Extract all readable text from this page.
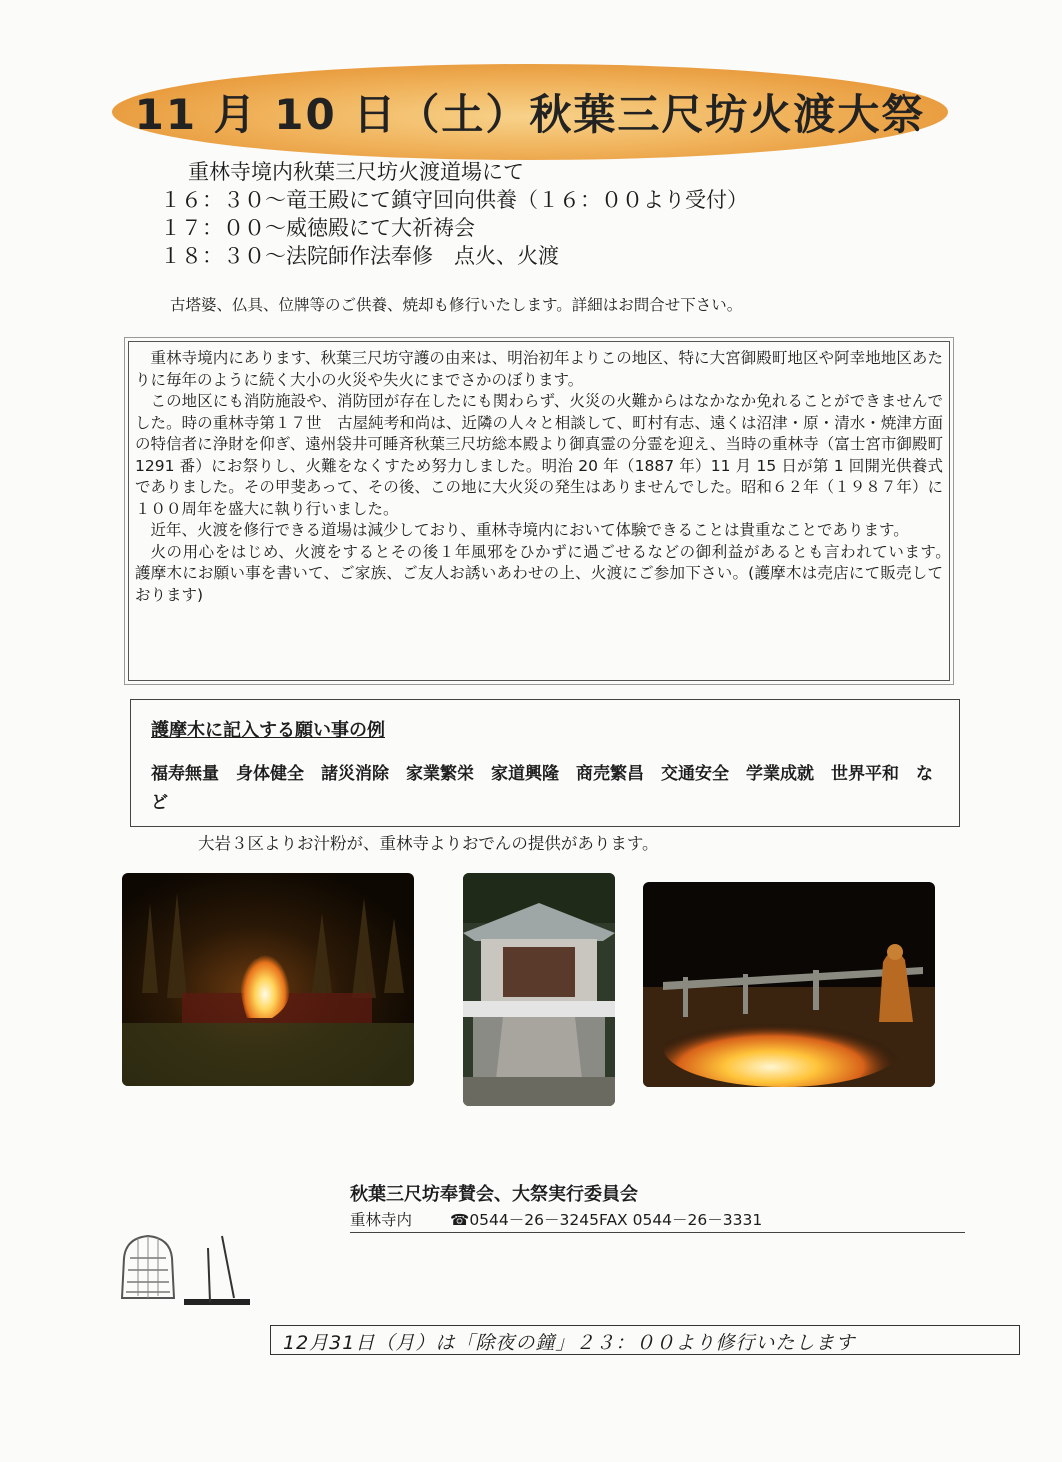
11 月 10 日（土）秋葉三尺坊火渡大祭
重林寺境内秋葉三尺坊火渡道場にて
１６：３０～竜王殿にて鎮守回向供養（１６：００より受付）
１７：００～威徳殿にて大祈祷会
１８：３０～法院師作法奉修　点火、火渡
古塔婆、仏具、位牌等のご供養、焼却も修行いたします。詳細はお問合せ下さい。

重林寺境内にあります、秋葉三尺坊守護の由来は、明治初年よりこの地区、特に大宮御殿町地区や阿幸地地区あたりに毎年のように続く大小の火災や失火にまでさかのぼります。

この地区にも消防施設や、消防団が存在したにも関わらず、火災の火難からはなかなか免れることができませんでした。時の重林寺第１７世　古屋純考和尚は、近隣の人々と相談して、町村有志、遠くは沼津・原・清水・焼津方面の特信者に浄財を仰ぎ、遠州袋井可睡斉秋葉三尺坊総本殿より御真霊の分霊を迎え、当時の重林寺（富士宮市御殿町 1291 番）にお祭りし、火難をなくすため努力しました。明治 20 年（1887 年）11 月 15 日が第 1 回開光供養式でありました。その甲斐あって、その後、この地に大火災の発生はありませんでした。昭和６２年（１９８７年）に　１００周年を盛大に執り行いました。

近年、火渡を修行できる道場は減少しており、重林寺境内において体験できることは貴重なことであります。

火の用心をはじめ、火渡をするとその後１年風邪をひかずに過ごせるなどの御利益があるとも言われています。　護摩木にお願い事を書いて、ご家族、ご友人お誘いあわせの上、火渡にご参加下さい。(護摩木は売店にて販売しております)

護摩木に記入する願い事の例
福寿無量　身体健全　諸災消除　家業繁栄　家道興隆　商売繁昌　交通安全　学業成就　世界平和　など
大岩３区よりお汁粉が、重林寺よりおでんの提供があります。
秋葉三尺坊奉賛会、大祭実行委員会
重林寺内 ☎0544－26－3245FAX 0544－26－3331
12月31日（月）は「除夜の鐘」２３：００より修行いたします
